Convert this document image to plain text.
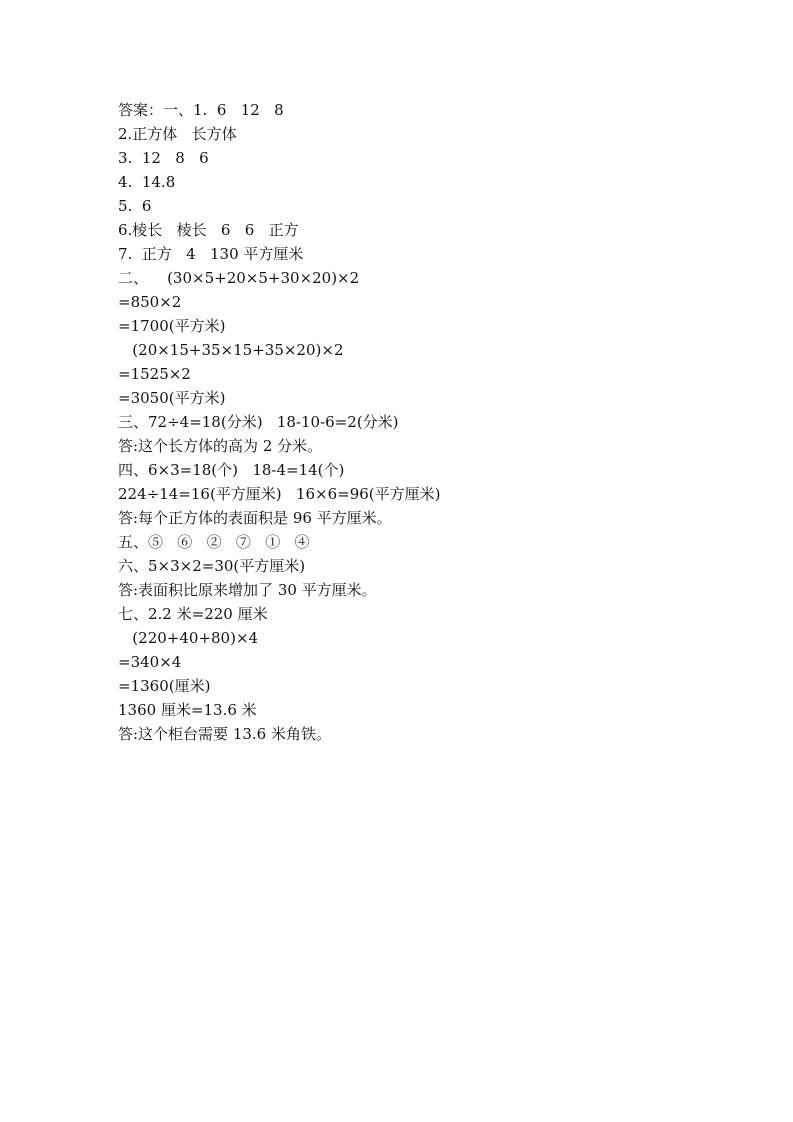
答案：一、1.  6   12   8
2.正方体   长方体
3.  12   8   6
4.  14.8
5.  6
6.棱长   棱长   6   6   正方
7.  正方   4   130 平方厘米
二、    (30×5+20×5+30×20)×2
=850×2
=1700(平方米)
(20×15+35×15+35×20)×2
=1525×2
=3050(平方米)
三、72÷4=18(分米)   18-10-6=2(分米)
答:这个长方体的高为 2 分米。
四、6×3=18(个)   18-4=14(个)
224÷14=16(平方厘米)   16×6=96(平方厘米)
答:每个正方体的表面积是 96 平方厘米。
五、⑤   ⑥   ②   ⑦   ①   ④
六、5×3×2=30(平方厘米)
答:表面积比原来增加了 30 平方厘米。
七、2.2 米=220 厘米
(220+40+80)×4
=340×4
=1360(厘米)
1360 厘米=13.6 米
答:这个柜台需要 13.6 米角铁。
